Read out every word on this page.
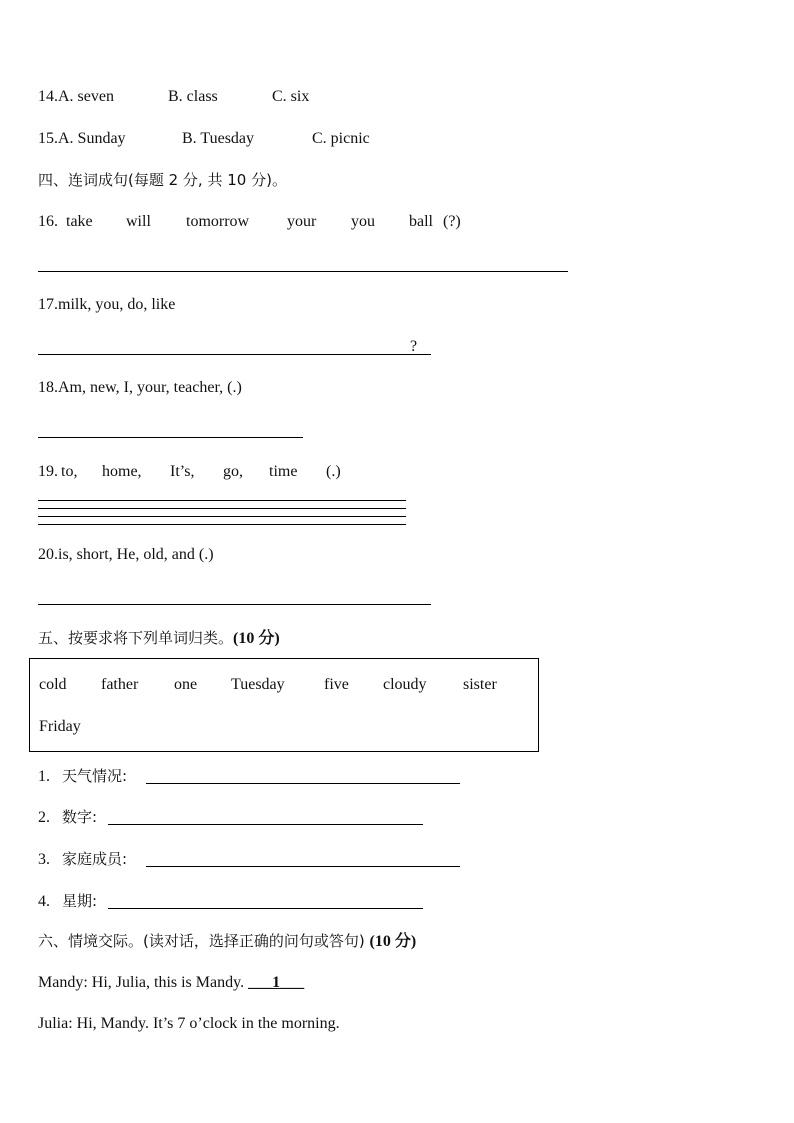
14.A. seven	B. class	C. six
15.A. Sunday	B. Tuesday	C. picnic
四、连词成句(每题 2 分, 共 10 分)。
16. take will tomorrow your you ball (?)
17.milk, you, do, like
?
18.Am, new, I, your, teacher, (.)
19. to, home, It’s, go, time (.)
20.is, short, He, old, and (.)
五、按要求将下列单词归类。(10 分)
cold father one Tuesday five cloudy sister
Friday
1. 天气情况:
2. 数字:
3. 家庭成员:
4. 星期:
六、情境交际。(读对话，选择正确的问句或答句) (10 分)
Mandy: Hi, Julia, this is Mandy. ___1___
Julia: Hi, Mandy. It’s 7 o’clock in the morning.
